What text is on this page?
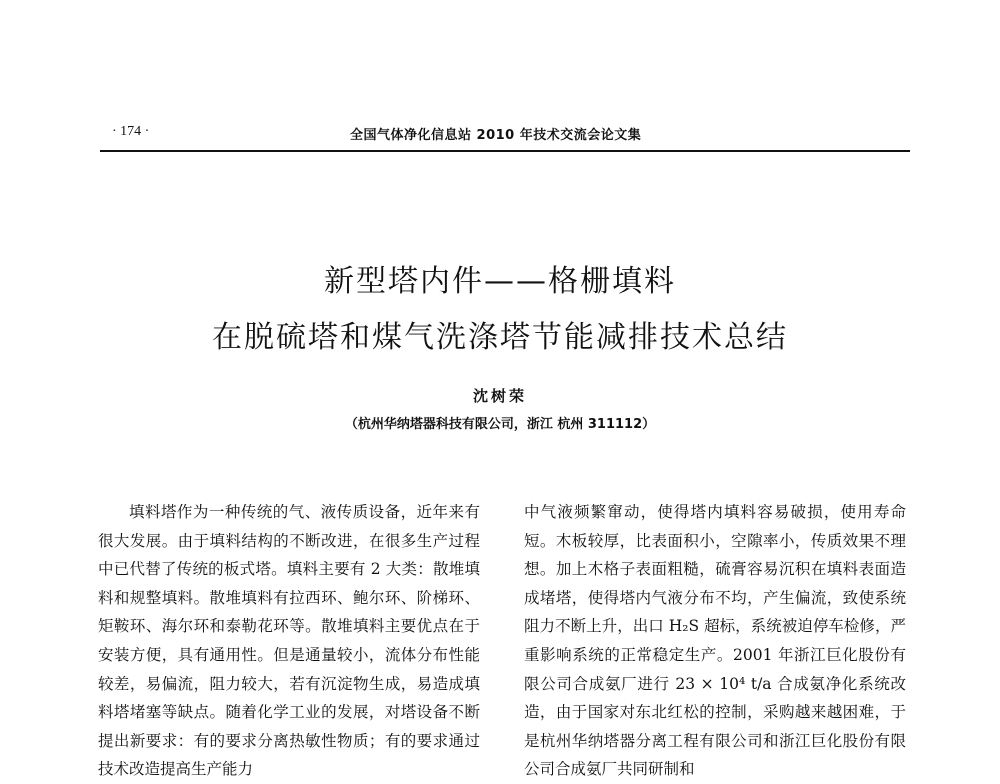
· 174 ·	全国气体净化信息站 2010 年技术交流会论文集
新型塔内件——格栅填料
在脱硫塔和煤气洗涤塔节能减排技术总结
沈树荣
（杭州华纳塔器科技有限公司，浙江 杭州 311112）

填料塔作为一种传统的气、液传质设备，近年来有很大发展。由于填料结构的不断改进，在很多生产过程中已代替了传统的板式塔。填料主要有 2 大类：散堆填料和规整填料。散堆填料有拉西环、鲍尔环、阶梯环、矩鞍环、海尔环和泰勒花环等。散堆填料主要优点在于安装方便，具有通用性。但是通量较小，流体分布性能较差，易偏流，阻力较大，若有沉淀物生成，易造成填料塔堵塞等缺点。随着化学工业的发展，对塔设备不断提出新要求：有的要求分离热敏性物质；有的要求通过技术改造提高生产能力

中气液频繁窜动，使得塔内填料容易破损，使用寿命短。木板较厚，比表面积小，空隙率小，传质效果不理想。加上木格子表面粗糙，硫膏容易沉积在填料表面造成堵塔，使得塔内气液分布不均，产生偏流，致使系统阻力不断上升，出口 H₂S 超标，系统被迫停车检修，严重影响系统的正常稳定生产。2001 年浙江巨化股份有限公司合成氨厂进行 23 × 10⁴ t/a 合成氨净化系统改造，由于国家对东北红松的控制，采购越来越困难，于是杭州华纳塔器分离工程有限公司和浙江巨化股份有限公司合成氨厂共同研制和
